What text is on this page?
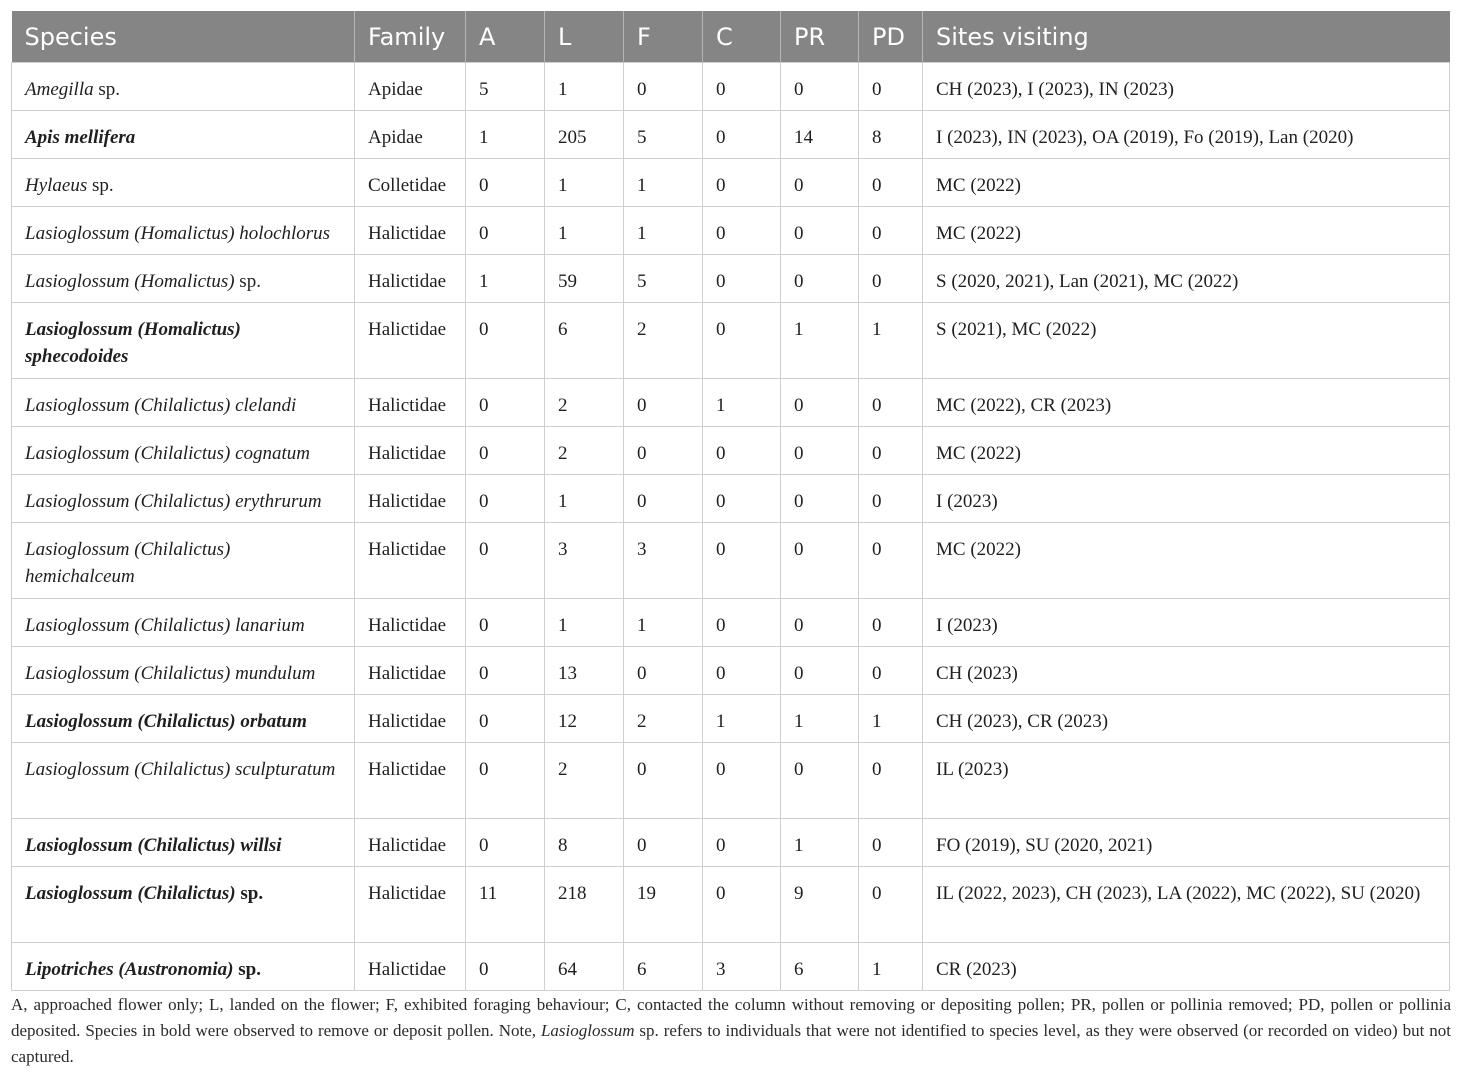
Species	Family	A	L	F	C	PR	PD	Sites visiting
Amegilla sp.	Apidae	5	1	0	0	0	0	CH (2023), I (2023), IN (2023)
Apis mellifera	Apidae	1	205	5	0	14	8	I (2023), IN (2023), OA (2019), Fo (2019), Lan (2020)
Hylaeus sp.	Colletidae	0	1	1	0	0	0	MC (2022)
Lasioglossum (Homalictus) holochlorus	Halictidae	0	1	1	0	0	0	MC (2022)
Lasioglossum (Homalictus) sp.	Halictidae	1	59	5	0	0	0	S (2020, 2021), Lan (2021), MC (2022)
Lasioglossum (Homalictus) sphecodoides	Halictidae	0	6	2	0	1	1	S (2021), MC (2022)
Lasioglossum (Chilalictus) clelandi	Halictidae	0	2	0	1	0	0	MC (2022), CR (2023)
Lasioglossum (Chilalictus) cognatum	Halictidae	0	2	0	0	0	0	MC (2022)
Lasioglossum (Chilalictus) erythrurum	Halictidae	0	1	0	0	0	0	I (2023)
Lasioglossum (Chilalictus) hemichalceum	Halictidae	0	3	3	0	0	0	MC (2022)
Lasioglossum (Chilalictus) lanarium	Halictidae	0	1	1	0	0	0	I (2023)
Lasioglossum (Chilalictus) mundulum	Halictidae	0	13	0	0	0	0	CH (2023)
Lasioglossum (Chilalictus) orbatum	Halictidae	0	12	2	1	1	1	CH (2023), CR (2023)
Lasioglossum (Chilalictus) sculpturatum	Halictidae	0	2	0	0	0	0	IL (2023)
Lasioglossum (Chilalictus) willsi	Halictidae	0	8	0	0	1	0	FO (2019), SU (2020, 2021)
Lasioglossum (Chilalictus) sp.	Halictidae	11	218	19	0	9	0	IL (2022, 2023), CH (2023), LA (2022), MC (2022), SU (2020)
Lipotriches (Austronomia) sp.	Halictidae	0	64	6	3	6	1	CR (2023)
A, approached flower only; L, landed on the flower; F, exhibited foraging behaviour; C, contacted the column without removing or depositing pollen; PR, pollen or pollinia removed; PD, pollen or pollinia deposited. Species in bold were observed to remove or deposit pollen. Note, Lasioglossum sp. refers to individuals that were not identified to species level, as they were observed (or recorded on video) but not captured.
